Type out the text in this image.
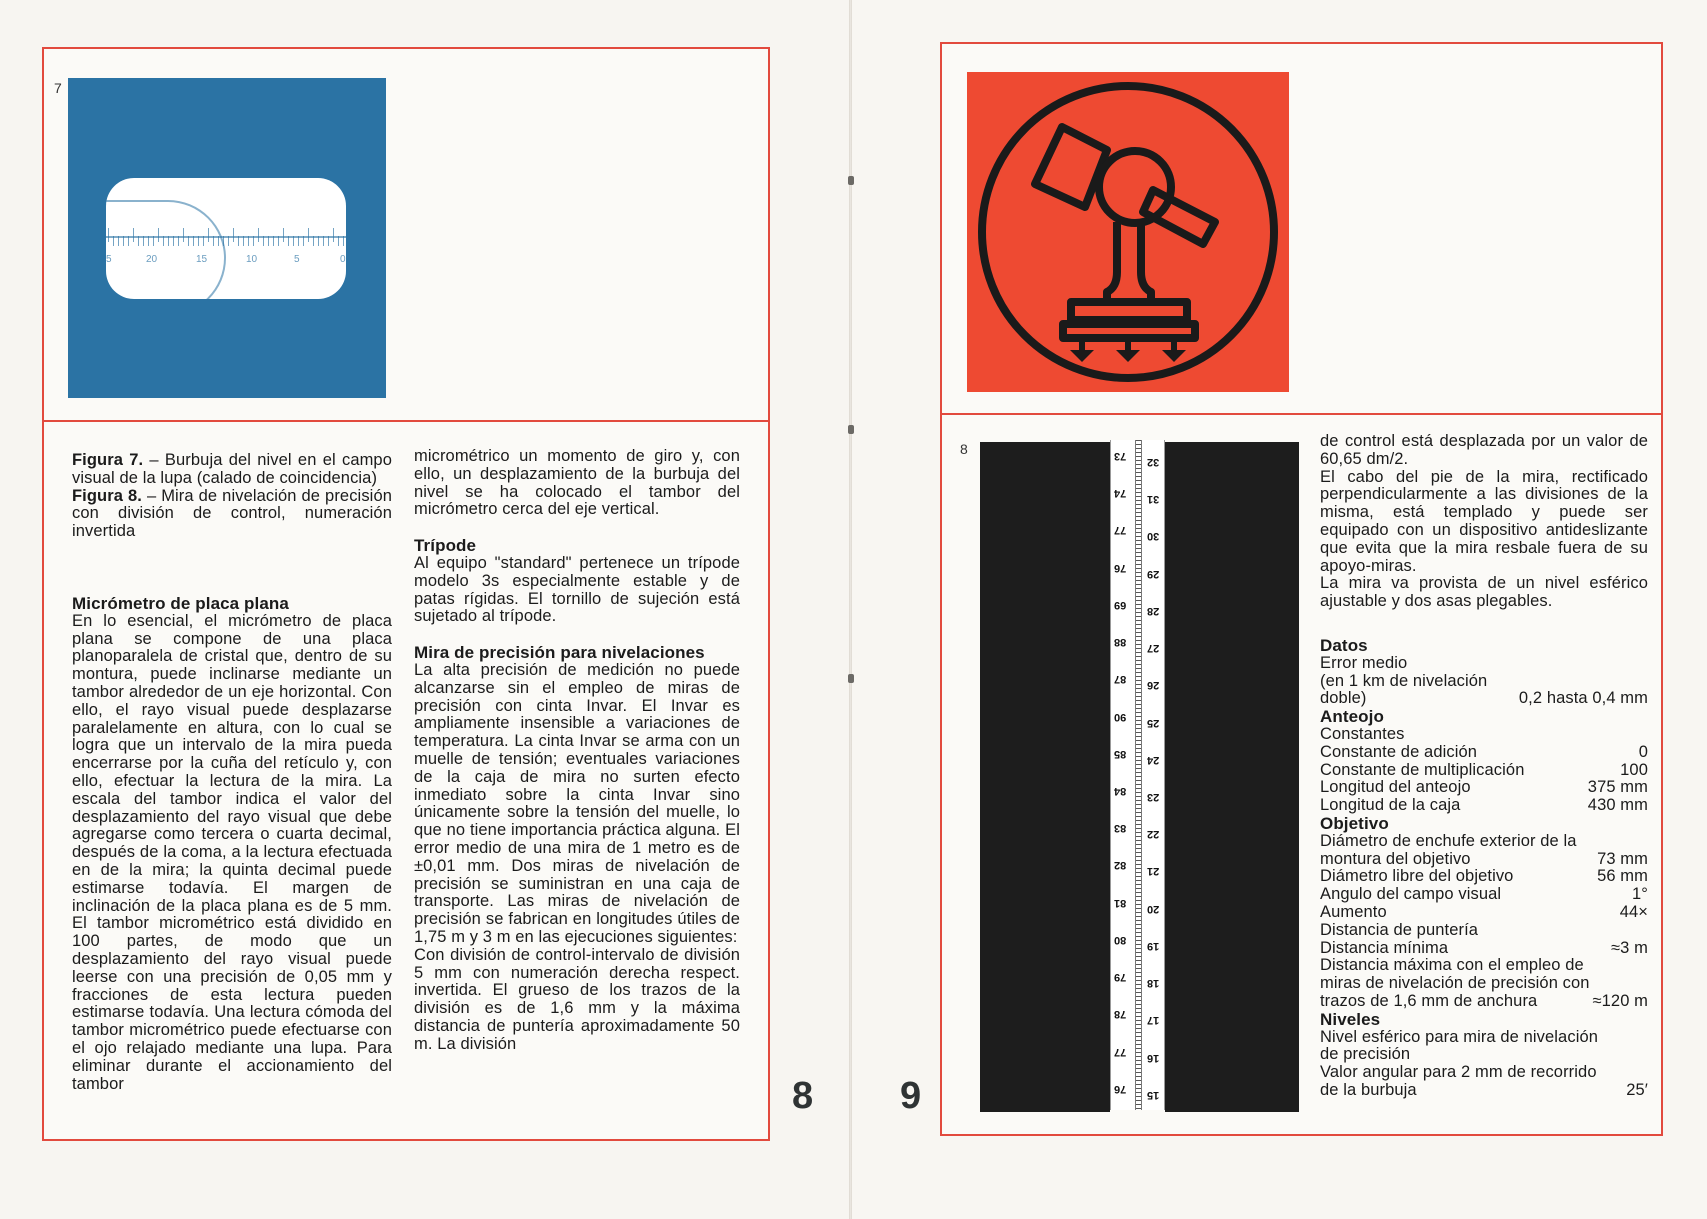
7
5	20	15	10	5	0

Figura 7. – Burbuja del nivel en el campo visual de la lupa (calado de coincidencia)
Figura 8. – Mira de nivelación de precisión con división de control, numeración invertida

Micrómetro de placa plana

En lo esencial, el micrómetro de placa plana se compone de una placa planoparalela de cristal que, dentro de su montura, puede inclinarse mediante un tambor alrededor de un eje horizontal. Con ello, el rayo visual puede desplazarse paralelamente en altura, con lo cual se logra que un intervalo de la mira pueda encerrarse por la cuña del retículo y, con ello, efectuar la lectura de la mira. La escala del tambor indica el valor del desplazamiento del rayo visual que debe agregarse como tercera o cuarta decimal, después de la coma, a la lectura efectuada en de la mira; la quinta decimal puede estimarse todavía. El margen de inclinación de la placa plana es de 5 mm. El tambor micrométrico está dividido en 100 partes, de modo que un desplazamiento del rayo visual puede leerse con una precisión de 0,05 mm y fracciones de esta lectura pueden estimarse todavía. Una lectura cómoda del tambor micrométrico puede efectuarse con el ojo relajado mediante una lupa. Para eliminar durante el accionamiento del tambor

micrométrico un momento de giro y, con ello, un desplazamiento de la burbuja del nivel se ha colocado el tambor del micrómetro cerca del eje vertical.

Trípode

Al equipo "standard" pertenece un trípode modelo 3s especialmente estable y de patas rígidas. El tornillo de sujeción está sujetado al trípode.

Mira de precisión para nivelaciones

La alta precisión de medición no puede alcanzarse sin el empleo de miras de precisión con cinta Invar. El Invar es ampliamente insensible a variaciones de temperatura. La cinta Invar se arma con un muelle de tensión; eventuales variaciones de la caja de mira no surten efecto inmediato sobre la cinta Invar sino únicamente sobre la tensión del muelle, lo que no tiene importancia práctica alguna. El error medio de una mira de 1 metro es de ±0,01 mm. Dos miras de nivelación de precisión se suministran en una caja de transporte. Las miras de nivelación de precisión se fabrican en longitudes útiles de 1,75 m y 3 m en las ejecuciones siguientes:

Con división de control-intervalo de división 5 mm con numeración derecha respect. invertida. El grueso de los trazos de la división es de 1,6 mm y la máxima distancia de puntería aproximadamente 50 m. La división

8 9
8	73 32
74 31
77 30
76 29
69 28
88 27
87 26
90 25
85 24
84 23
83 22
82 21
81 20
80 19
79 18
78 17
77 16
76 15

de control está desplazada por un valor de 60,65 dm/2.

El cabo del pie de la mira, rectificado perpendicularmente a las divisiones de la misma, está templado y puede ser equipado con un dispositivo antideslizante que evita que la mira resbale fuera de su apoyo-miras.

La mira va provista de un nivel esférico ajustable y dos asas plegables.

Datos
Error medio
(en 1 km de nivelación
doble)	0,2 hasta 0,4 mm
Anteojo
Constantes
Constante de adición	0
Constante de multiplicación	100
Longitud del anteojo	375 mm
Longitud de la caja	430 mm
Objetivo
Diámetro de enchufe exterior de la
montura del objetivo	73 mm
Diámetro libre del objetivo	56 mm
Angulo del campo visual	1°
Aumento	44×
Distancia de puntería
Distancia mínima	≈3 m
Distancia máxima con el empleo de
miras de nivelación de precisión con
trazos de 1,6 mm de anchura	≈120 m
Niveles
Nivel esférico para mira de nivelación
de precisión
Valor angular para 2 mm de recorrido
de la burbuja	25′
